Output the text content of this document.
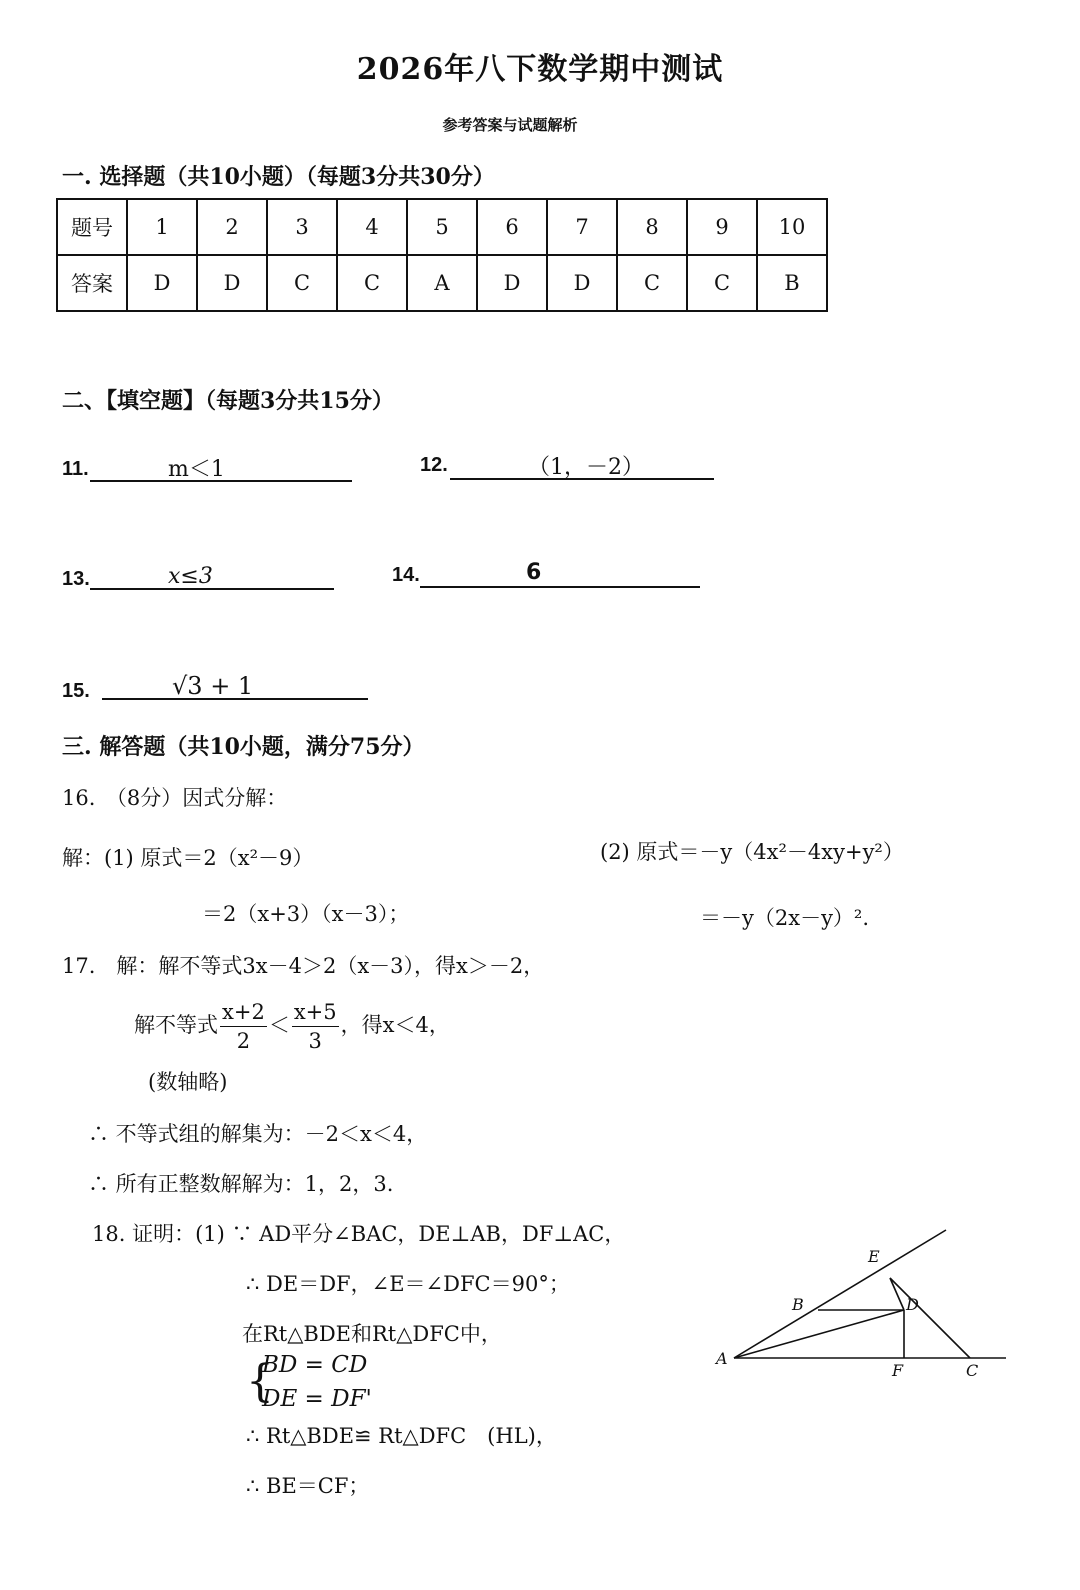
2026年八下数学期中测试
参考答案与试题解析
一. 选择题（共10小题）（每题3分共30分）
题号	1	2	3	4	5	6	7	8	9	10
答案	D	D	C	C	A	D	D	C	C	B
二、【填空题】（每题3分共15分）
11.	m＜1	12.	（1，－2）
13.	x≤3	14.	6
15.	√3 + 1
三. 解答题（共10小题，满分75分）
16.　（8分）因式分解：
解：(1) 原式＝2（x²－9）
＝2（x+3）（x－3）；
(2) 原式＝－y（4x²－4xy+y²）
＝－y（2x－y）².
17.　解：解不等式3x－4＞2（x－3），得x＞－2，
解不等式 $\frac{x+2}{2} < \frac{x+5}{3}$ ，得x＜4，
(数轴略)
∴ 不等式组的解集为：－2＜x＜4，
∴ 所有正整数解解为：1，2，3.
18. 证明：(1) ∵ AD平分∠BAC，DE⊥AB，DF⊥AC，
∴ DE＝DF，∠E＝∠DFC＝90°；
在Rt△BDE和Rt△DFC中，
{
BD = CD
DE = DF'
∴ Rt△BDE≌ Rt△DFC　(HL)，
∴ BE＝CF；
A
B
C
D
E
F
